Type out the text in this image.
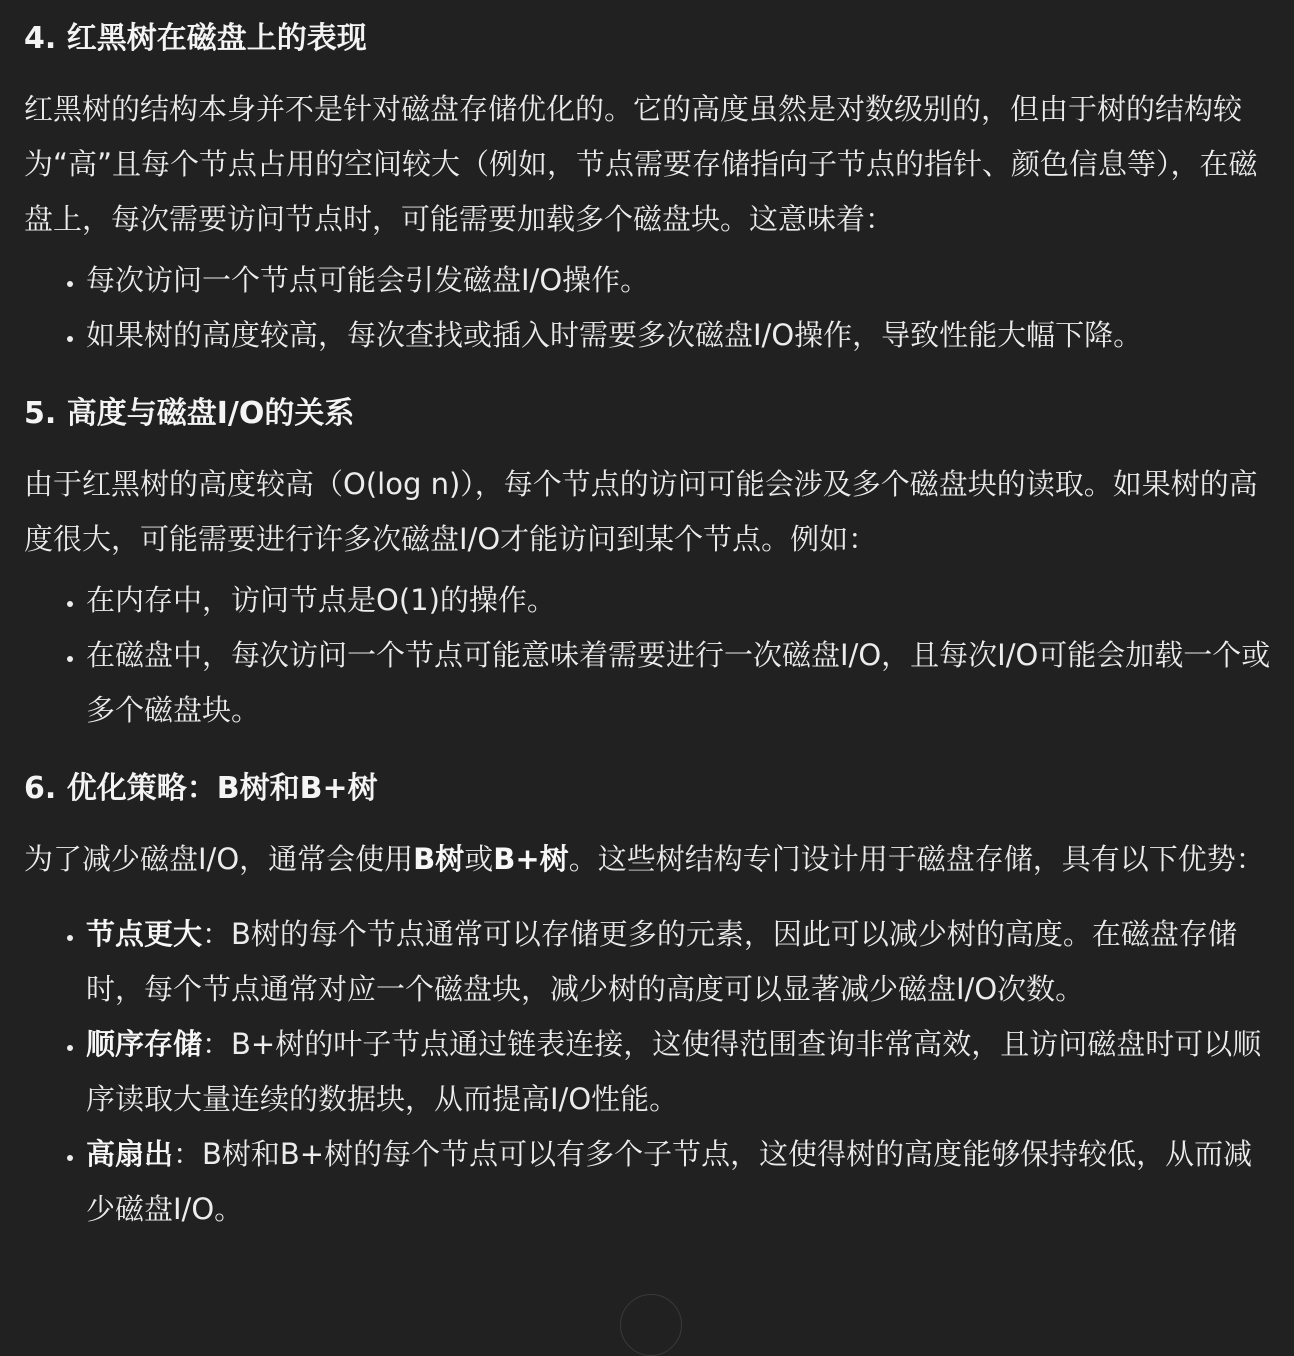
4. 红黑树在磁盘上的表现

红黑树的结构本身并不是针对磁盘存储优化的。它的高度虽然是对数级别的，但由于树的结构较为“高”且每个节点占用的空间较大（例如，节点需要存储指向子节点的指针、颜色信息等），在磁盘上，每次需要访问节点时，可能需要加载多个磁盘块。这意味着：

• 每次访问一个节点可能会引发磁盘I/O操作。
• 如果树的高度较高，每次查找或插入时需要多次磁盘I/O操作，导致性能大幅下降。
5. 高度与磁盘I/O的关系

由于红黑树的高度较高（O(log n)），每个节点的访问可能会涉及多个磁盘块的读取。如果树的高度很大，可能需要进行许多次磁盘I/O才能访问到某个节点。例如：

• 在内存中，访问节点是O(1)的操作。
• 在磁盘中，每次访问一个节点可能意味着需要进行一次磁盘I/O，且每次I/O可能会加载一个或多个磁盘块。
6. 优化策略：B树和B+树

为了减少磁盘I/O，通常会使用B树或B+树。这些树结构专门设计用于磁盘存储，具有以下优势：

• 节点更大：B树的每个节点通常可以存储更多的元素，因此可以减少树的高度。在磁盘存储时，每个节点通常对应一个磁盘块，减少树的高度可以显著减少磁盘I/O次数。
• 顺序存储：B+树的叶子节点通过链表连接，这使得范围查询非常高效，且访问磁盘时可以顺序读取大量连续的数据块，从而提高I/O性能。
• 高扇出：B树和B+树的每个节点可以有多个子节点，这使得树的高度能够保持较低，从而减少磁盘I/O。
